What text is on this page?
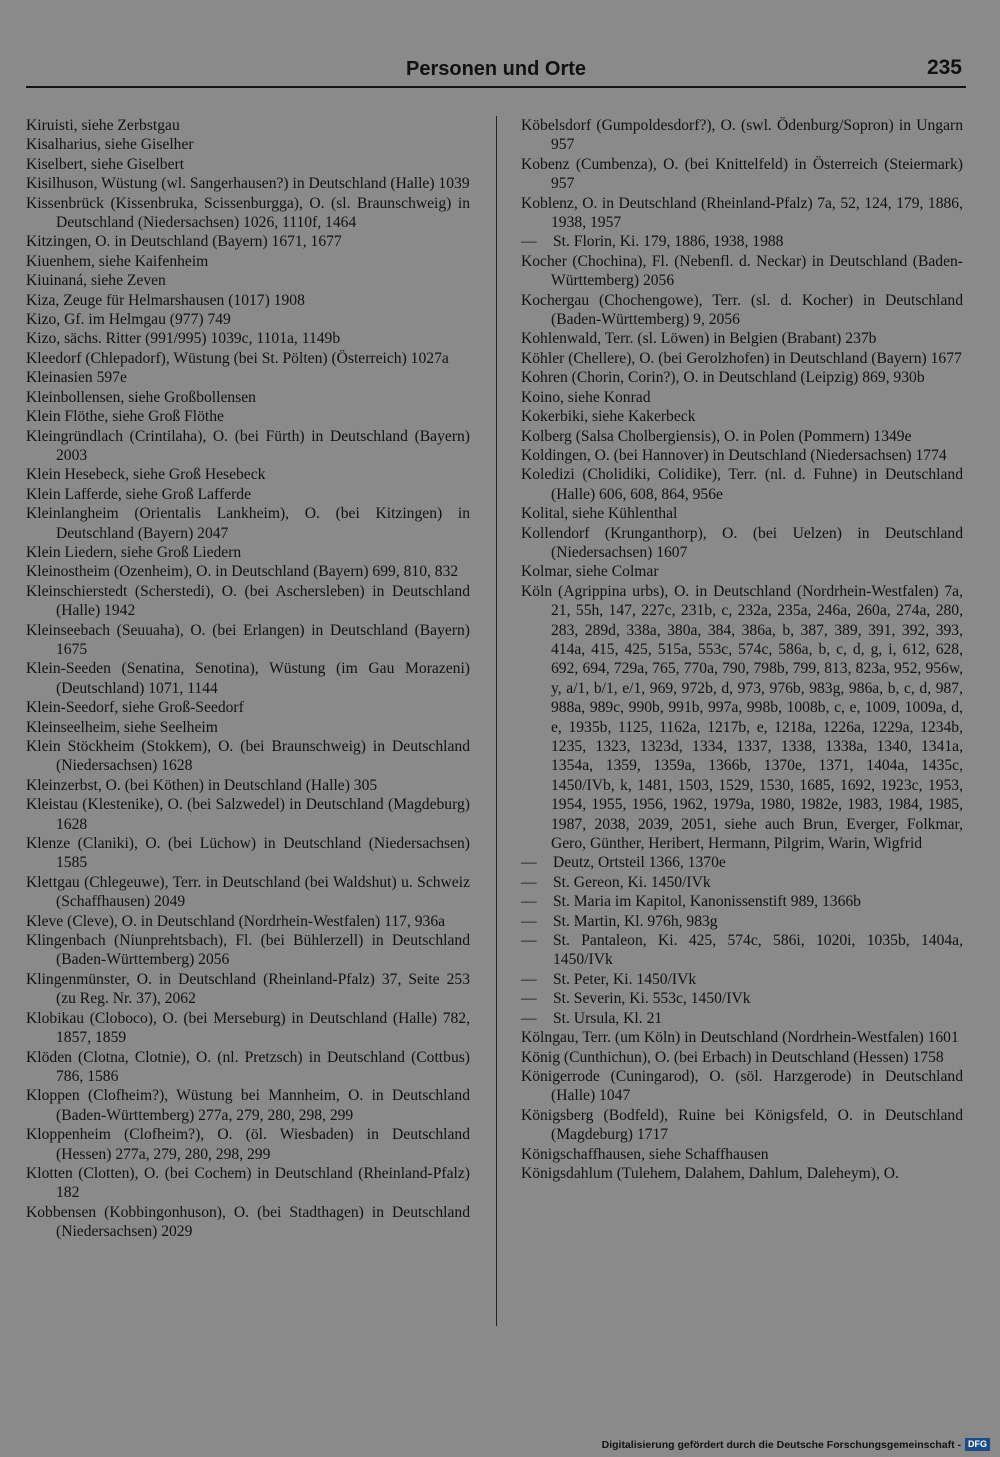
Personen und Orte	235
Kiruisti, siehe Zerbstgau
Kisalharius, siehe Giselher
Kiselbert, siehe Giselbert
Kisilhuson, Wüstung (wl. Sangerhausen?) in Deutschland (Halle) 1039
Kissenbrück (Kissenbruka, Scissenburgga), O. (sl. Braunschweig) in Deutschland (Niedersachsen) 1026, 1110f, 1464
Kitzingen, O. in Deutschland (Bayern) 1671, 1677
Kiuenhem, siehe Kaifenheim
Kiuinaná, siehe Zeven
Kiza, Zeuge für Helmarshausen (1017) 1908
Kizo, Gf. im Helmgau (977) 749
Kizo, sächs. Ritter (991/995) 1039c, 1101a, 1149b
Kleedorf (Chlepadorf), Wüstung (bei St. Pölten) (Österreich) 1027a
Kleinasien 597e
Kleinbollensen, siehe Großbollensen
Klein Flöthe, siehe Groß Flöthe
Kleingründlach (Crintilaha), O. (bei Fürth) in Deutschland (Bayern) 2003
Klein Hesebeck, siehe Groß Hesebeck
Klein Lafferde, siehe Groß Lafferde
Kleinlangheim (Orientalis Lankheim), O. (bei Kitzingen) in Deutschland (Bayern) 2047
Klein Liedern, siehe Groß Liedern
Kleinostheim (Ozenheim), O. in Deutschland (Bayern) 699, 810, 832
Kleinschierstedt (Scherstedi), O. (bei Aschersleben) in Deutschland (Halle) 1942
Kleinseebach (Seuuaha), O. (bei Erlangen) in Deutschland (Bayern) 1675
Klein-Seeden (Senatina, Senotina), Wüstung (im Gau Morazeni) (Deutschland) 1071, 1144
Klein-Seedorf, siehe Groß-Seedorf
Kleinseelheim, siehe Seelheim
Klein Stöckheim (Stokkem), O. (bei Braunschweig) in Deutschland (Niedersachsen) 1628
Kleinzerbst, O. (bei Köthen) in Deutschland (Halle) 305
Kleistau (Klestenike), O. (bei Salzwedel) in Deutschland (Magdeburg) 1628
Klenze (Claniki), O. (bei Lüchow) in Deutschland (Niedersachsen) 1585
Klettgau (Chlegeuwe), Terr. in Deutschland (bei Waldshut) u. Schweiz (Schaffhausen) 2049
Kleve (Cleve), O. in Deutschland (Nordrhein-Westfalen) 117, 936a
Klingenbach (Niunprehtsbach), Fl. (bei Bühlerzell) in Deutschland (Baden-Württemberg) 2056
Klingenmünster, O. in Deutschland (Rheinland-Pfalz) 37, Seite 253 (zu Reg. Nr. 37), 2062
Klobikau (Cloboco), O. (bei Merseburg) in Deutschland (Halle) 782, 1857, 1859
Klöden (Clotna, Clotnie), O. (nl. Pretzsch) in Deutschland (Cottbus) 786, 1586
Kloppen (Clofheim?), Wüstung bei Mannheim, O. in Deutschland (Baden-Württemberg) 277a, 279, 280, 298, 299
Kloppenheim (Clofheim?), O. (öl. Wiesbaden) in Deutschland (Hessen) 277a, 279, 280, 298, 299
Klotten (Clotten), O. (bei Cochem) in Deutschland (Rheinland-Pfalz) 182
Kobbensen (Kobbingonhuson), O. (bei Stadthagen) in Deutschland (Niedersachsen) 2029
Köbelsdorf (Gumpoldesdorf?), O. (swl. Ödenburg/Sopron) in Ungarn 957
Kobenz (Cumbenza), O. (bei Knittelfeld) in Österreich (Steiermark) 957
Koblenz, O. in Deutschland (Rheinland-Pfalz) 7a, 52, 124, 179, 1886, 1938, 1957
—	St. Florin, Ki. 179, 1886, 1938, 1988
Kocher (Chochina), Fl. (Nebenfl. d. Neckar) in Deutschland (Baden-Württemberg) 2056
Kochergau (Chochengowe), Terr. (sl. d. Kocher) in Deutschland (Baden-Württemberg) 9, 2056
Kohlenwald, Terr. (sl. Löwen) in Belgien (Brabant) 237b
Köhler (Chellere), O. (bei Gerolzhofen) in Deutschland (Bayern) 1677
Kohren (Chorin, Corin?), O. in Deutschland (Leipzig) 869, 930b
Koino, siehe Konrad
Kokerbiki, siehe Kakerbeck
Kolberg (Salsa Cholbergiensis), O. in Polen (Pommern) 1349e
Koldingen, O. (bei Hannover) in Deutschland (Niedersachsen) 1774
Koledizi (Cholidiki, Colidike), Terr. (nl. d. Fuhne) in Deutschland (Halle) 606, 608, 864, 956e
Kolital, siehe Kühlenthal
Kollendorf (Krunganthorp), O. (bei Uelzen) in Deutschland (Niedersachsen) 1607
Kolmar, siehe Colmar
Köln (Agrippina urbs), O. in Deutschland (Nordrhein-Westfalen) 7a, 21, 55h, 147, 227c, 231b, c, 232a, 235a, 246a, 260a, 274a, 280, 283, 289d, 338a, 380a, 384, 386a, b, 387, 389, 391, 392, 393, 414a, 415, 425, 515a, 553c, 574c, 586a, b, c, d, g, i, 612, 628, 692, 694, 729a, 765, 770a, 790, 798b, 799, 813, 823a, 952, 956w, y, a/1, b/1, e/1, 969, 972b, d, 973, 976b, 983g, 986a, b, c, d, 987, 988a, 989c, 990b, 991b, 997a, 998b, 1008b, c, e, 1009, 1009a, d, e, 1935b, 1125, 1162a, 1217b, e, 1218a, 1226a, 1229a, 1234b, 1235, 1323, 1323d, 1334, 1337, 1338, 1338a, 1340, 1341a, 1354a, 1359, 1359a, 1366b, 1370e, 1371, 1404a, 1435c, 1450/IVb, k, 1481, 1503, 1529, 1530, 1685, 1692, 1923c, 1953, 1954, 1955, 1956, 1962, 1979a, 1980, 1982e, 1983, 1984, 1985, 1987, 2038, 2039, 2051, siehe auch Brun, Everger, Folkmar, Gero, Günther, Heribert, Hermann, Pilgrim, Warin, Wigfrid
—	Deutz, Ortsteil 1366, 1370e
—	St. Gereon, Ki. 1450/IVk
—	St. Maria im Kapitol, Kanonissenstift 989, 1366b
—	St. Martin, Kl. 976h, 983g
—	St. Pantaleon, Ki. 425, 574c, 586i, 1020i, 1035b, 1404a, 1450/IVk
—	St. Peter, Ki. 1450/IVk
—	St. Severin, Ki. 553c, 1450/IVk
—	St. Ursula, Kl. 21
Kölngau, Terr. (um Köln) in Deutschland (Nordrhein-Westfalen) 1601
König (Cunthichun), O. (bei Erbach) in Deutschland (Hessen) 1758
Königerrode (Cuningarod), O. (söl. Harzgerode) in Deutschland (Halle) 1047
Königsberg (Bodfeld), Ruine bei Königsfeld, O. in Deutschland (Magdeburg) 1717
Königschaffhausen, siehe Schaffhausen
Königsdahlum (Tulehem, Dalahem, Dahlum, Daleheym), O.
Digitalisierung gefördert durch die Deutsche Forschungsgemeinschaft - DFG
